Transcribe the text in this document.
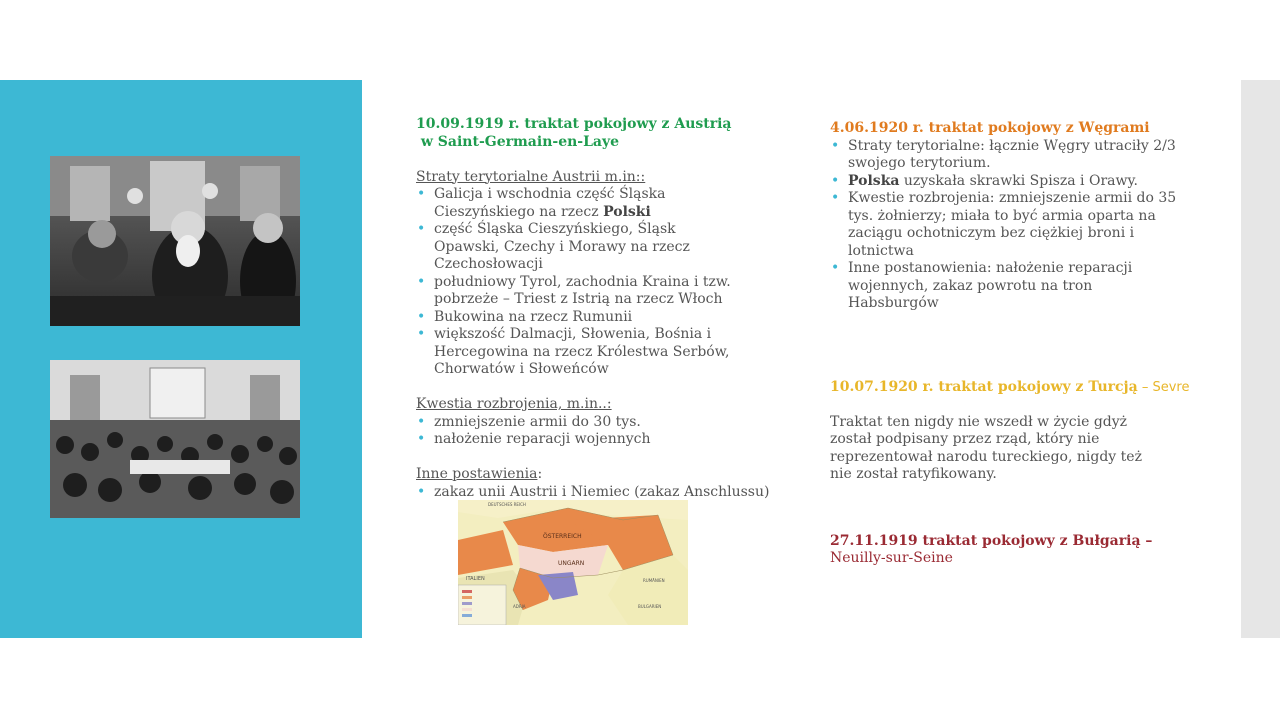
DEUTSCHES REICH
ÖSTERREICH
UNGARN
ITALIEN	RUMÄNIEN
BULGARIEN
ADRIA

10.09.1919 r. traktat pokojowy z Austrią

w Saint-Germain-en-Laye

Straty terytorialne Austrii m.in::

• Galicja i wschodnia część Śląska Cieszyńskiego na rzecz Polski
• część Śląska Cieszyńskiego, Śląsk Opawski, Czechy i Morawy na rzecz Czechosłowacji
• południowy Tyrol, zachodnia Kraina i tzw. pobrzeże – Triest z Istrią na rzecz Włoch
• Bukowina na rzecz Rumunii
• większość Dalmacji, Słowenia, Bośnia i Hercegowina na rzecz Królestwa Serbów, Chorwatów i Słoweńców

Kwestia rozbrojenia, m.in..:

• zmniejszenie armii do 30 tys.
• nałożenie reparacji wojennych

Inne postawienia:

• zakaz unii Austrii i Niemiec (zakaz Anschlussu)

4.06.1920 r. traktat pokojowy z Węgrami

• Straty terytorialne: łącznie Węgry utraciły 2/3 swojego terytorium.
• Polska uzyskała skrawki Spisza i Orawy.
• Kwestie rozbrojenia: zmniejszenie armii do 35 tys. żołnierzy; miała to być armia oparta na zaciągu ochotniczym bez ciężkiej broni i lotnictwa
• Inne postanowienia: nałożenie reparacji wojennych, zakaz powrotu na tron Habsburgów

10.07.1920 r. traktat pokojowy z Turcją – Sevre

Traktat ten nigdy nie wszedł w życie gdyż został podpisany przez rząd, który nie reprezentował narodu tureckiego, nigdy też nie został ratyfikowany.

27.11.1919 traktat pokojowy z Bułgarią –

Neuilly-sur-Seine
